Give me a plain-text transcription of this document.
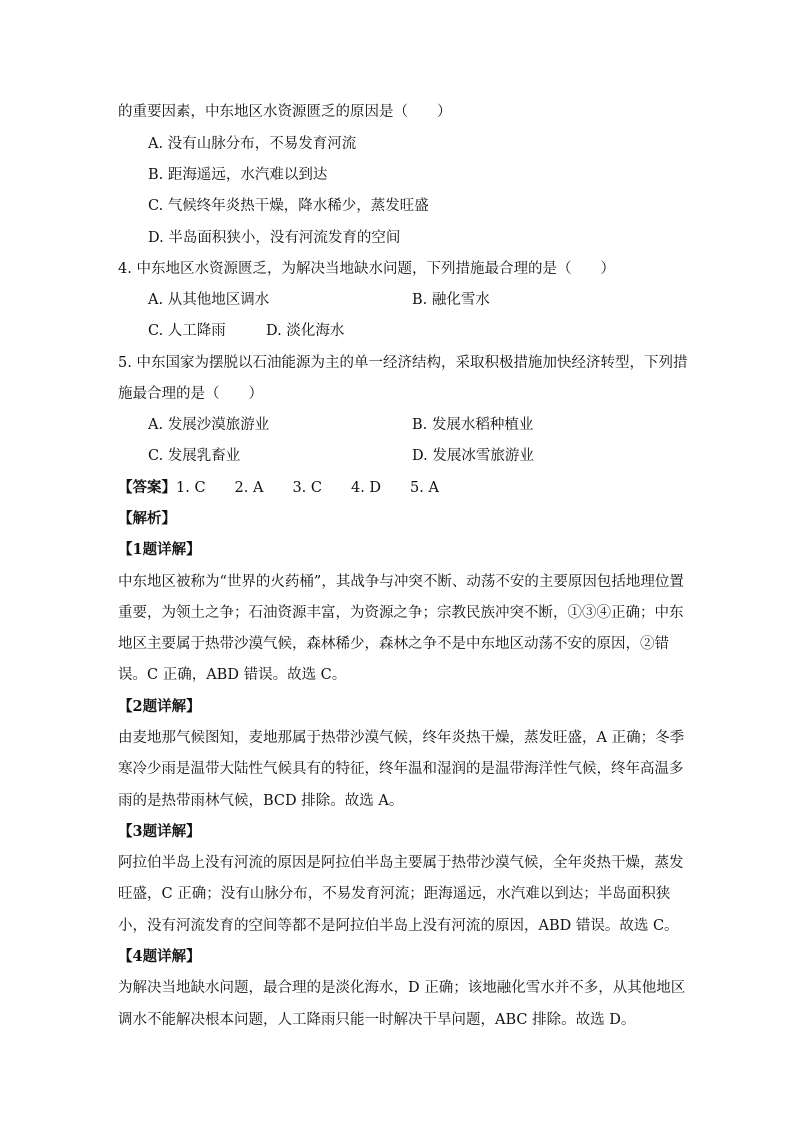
的重要因素，中东地区水资源匮乏的原因是（　　）
A. 没有山脉分布，不易发育河流
B. 距海遥远，水汽难以到达
C. 气候终年炎热干燥，降水稀少，蒸发旺盛
D. 半岛面积狭小，没有河流发育的空间
4. 中东地区水资源匮乏，为解决当地缺水问题，下列措施最合理的是（　　）
A. 从其他地区调水	B. 融化雪水
C. 人工降雨	D. 淡化海水
5. 中东国家为摆脱以石油能源为主的单一经济结构，采取积极措施加快经济转型，下列措
施最合理的是（　　）
A. 发展沙漠旅游业	B. 发展水稻种植业
C. 发展乳畜业	D. 发展冰雪旅游业
【答案】1. C　　2. A　　3. C　　4. D　　5. A
【解析】
【1题详解】
中东地区被称为“世界的火药桶”，其战争与冲突不断、动荡不安的主要原因包括地理位置
重要，为领土之争；石油资源丰富，为资源之争；宗教民族冲突不断，①③④正确；中东
地区主要属于热带沙漠气候，森林稀少，森林之争不是中东地区动荡不安的原因，②错
误。C 正确，ABD 错误。故选 C。
【2题详解】
由麦地那气候图知，麦地那属于热带沙漠气候，终年炎热干燥，蒸发旺盛，A 正确；冬季
寒冷少雨是温带大陆性气候具有的特征，终年温和湿润的是温带海洋性气候，终年高温多
雨的是热带雨林气候，BCD 排除。故选 A。
【3题详解】
阿拉伯半岛上没有河流的原因是阿拉伯半岛主要属于热带沙漠气候，全年炎热干燥，蒸发
旺盛，C 正确；没有山脉分布，不易发育河流；距海遥远，水汽难以到达；半岛面积狭
小，没有河流发育的空间等都不是阿拉伯半岛上没有河流的原因，ABD 错误。故选 C。
【4题详解】
为解决当地缺水问题，最合理的是淡化海水，D 正确；该地融化雪水并不多，从其他地区
调水不能解决根本问题，人工降雨只能一时解决干旱问题，ABC 排除。故选 D。
